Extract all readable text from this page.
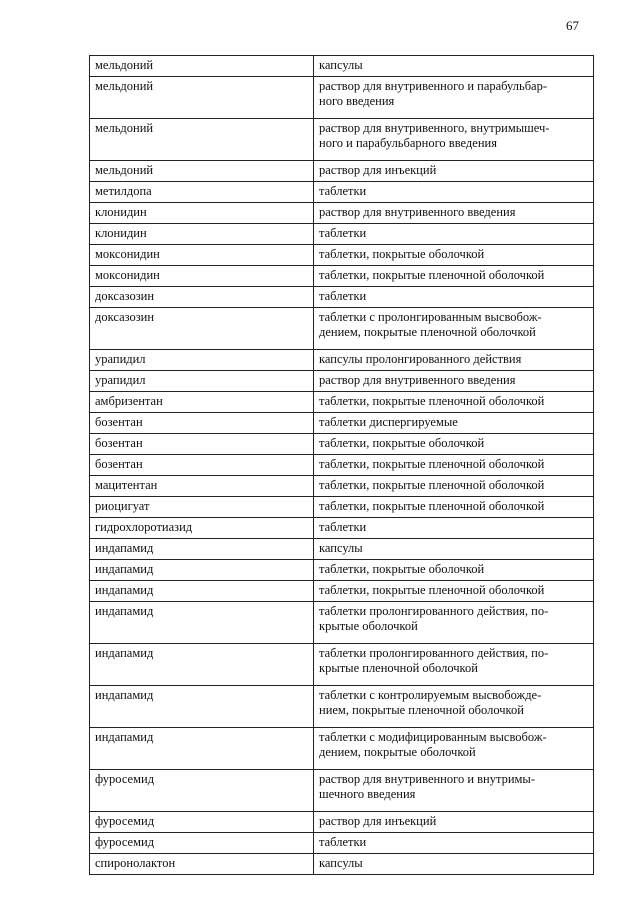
67
мельдоний	капсулы
мельдоний	раствор для внутривенного и парабульбар-
ного введения
мельдоний	раствор для внутривенного, внутримышеч-
ного и парабульбарного введения
мельдоний	раствор для инъекций
метилдопа	таблетки
клонидин	раствор для внутривенного введения
клонидин	таблетки
моксонидин	таблетки, покрытые оболочкой
моксонидин	таблетки, покрытые пленочной оболочкой
доксазозин	таблетки
доксазозин	таблетки с пролонгированным высвобож-
дением, покрытые пленочной оболочкой
урапидил	капсулы пролонгированного действия
урапидил	раствор для внутривенного введения
амбризентан	таблетки, покрытые пленочной оболочкой
бозентан	таблетки диспергируемые
бозентан	таблетки, покрытые оболочкой
бозентан	таблетки, покрытые пленочной оболочкой
мацитентан	таблетки, покрытые пленочной оболочкой
риоцигуат	таблетки, покрытые пленочной оболочкой
гидрохлоротиазид	таблетки
индапамид	капсулы
индапамид	таблетки, покрытые оболочкой
индапамид	таблетки, покрытые пленочной оболочкой
индапамид	таблетки пролонгированного действия, по-
крытые оболочкой
индапамид	таблетки пролонгированного действия, по-
крытые пленочной оболочкой
индапамид	таблетки с контролируемым высвобожде-
нием, покрытые пленочной оболочкой
индапамид	таблетки с модифицированным высвобож-
дением, покрытые оболочкой
фуросемид	раствор для внутривенного и внутримы-
шечного введения
фуросемид	раствор для инъекций
фуросемид	таблетки
спиронолактон	капсулы
